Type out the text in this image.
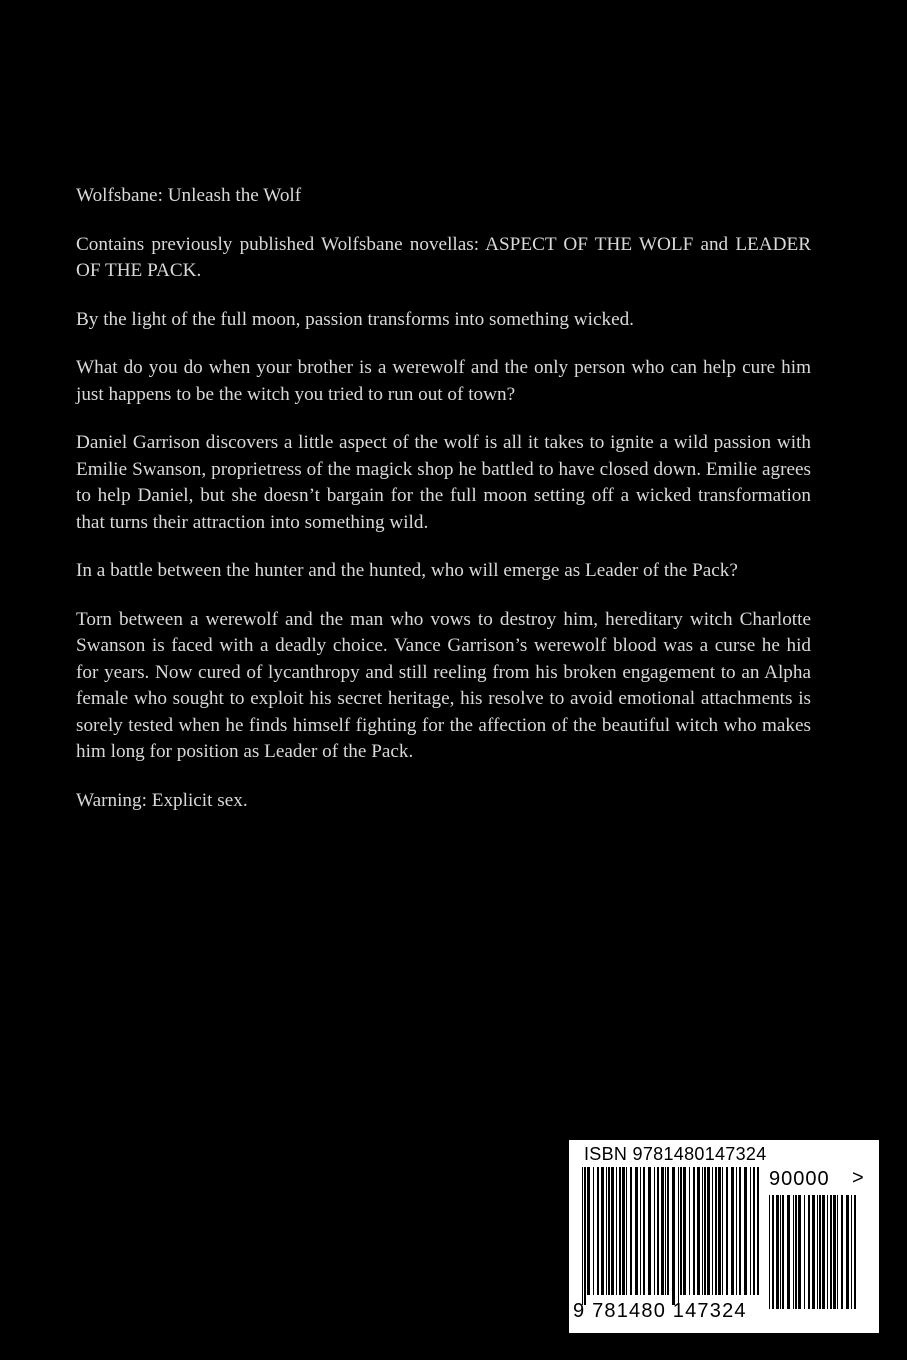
Wolfsbane: Unleash the Wolf

Contains previously published Wolfsbane novellas: ASPECT OF THE WOLF and LEADER OF THE PACK.

By the light of the full moon, passion transforms into something wicked.

What do you do when your brother is a werewolf and the only person who can help cure him just happens to be the witch you tried to run out of town?

Daniel Garrison discovers a little aspect of the wolf is all it takes to ignite a wild passion with Emilie Swanson, proprietress of the magick shop he battled to have closed down. Emilie agrees to help Daniel, but she doesn’t bargain for the full moon setting off a wicked transformation that turns their attraction into something wild.

In a battle between the hunter and the hunted, who will emerge as Leader of the Pack?

Torn between a werewolf and the man who vows to destroy him, hereditary witch Charlotte Swanson is faced with a deadly choice. Vance Garrison’s werewolf blood was a curse he hid for years. Now cured of lycanthropy and still reeling from his broken engagement to an Alpha female who sought to exploit his secret heritage, his resolve to avoid emotional attachments is sorely tested when he finds himself fighting for the affection of the beautiful witch who makes him long for position as Leader of the Pack.

Warning: Explicit sex.

ISBN 9781480147324
90000 >
9 781480 147324
